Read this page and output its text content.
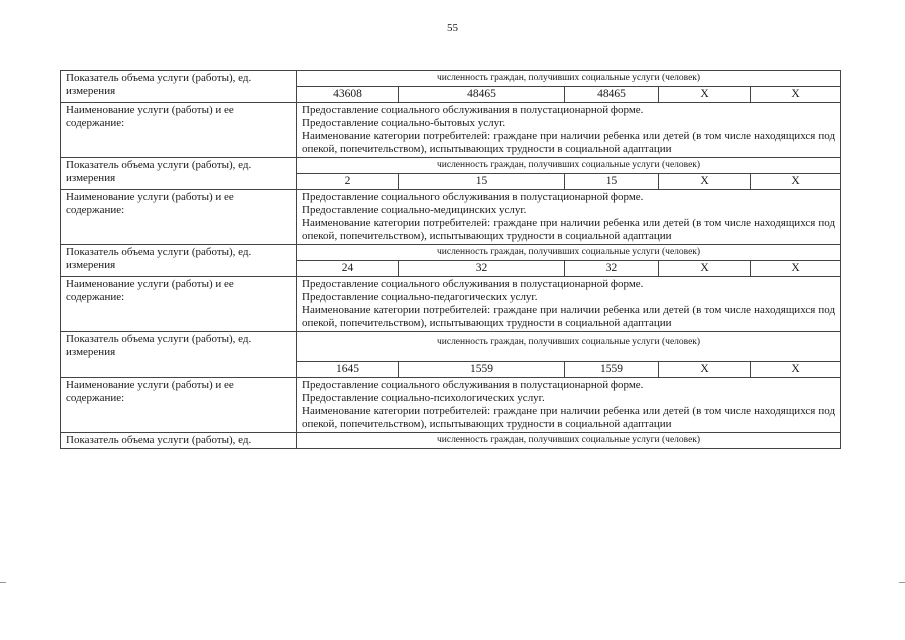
55
Показатель объема услуги (работы), ед. измерения	численность граждан, получивших социальные услуги (человек)					
	43608	48465	48465	Х	Х	
Наименование услуги (работы) и ее содержание:	Предоставление социального обслуживания в полустационарной форме.

Предоставление социально-бытовых услуг.

Наименование категории потребителей: граждане при наличии ребенка или детей (в том числе находящихся под опекой, попечительством), испытывающих трудности в социальной адаптации					

Показатель объема услуги (работы), ед. измерения	численность граждан, получивших социальные услуги (человек)					
	2	15	15	Х	Х	
Наименование услуги (работы) и ее содержание:	Предоставление социального обслуживания в полустационарной форме.

Предоставление социально-медицинских услуг.

Наименование категории потребителей: граждане при наличии ребенка или детей (в том числе находящихся под опекой, попечительством), испытывающих трудности в социальной адаптации					

Показатель объема услуги (работы), ед. измерения	численность граждан, получивших социальные услуги (человек)					
	24	32	32	Х	Х	
Наименование услуги (работы) и ее содержание:	Предоставление социального обслуживания в полустационарной форме.

Предоставление социально-педагогических услуг.

Наименование категории потребителей: граждане при наличии ребенка или детей (в том числе находящихся под опекой, попечительством), испытывающих трудности в социальной адаптации					

Показатель объема услуги (работы), ед. измерения	численность граждан, получивших социальные услуги (человек)					
	1645	1559	1559	Х	Х	
Наименование услуги (работы) и ее содержание:	Предоставление социального обслуживания в полустационарной форме.

Предоставление социально-психологических услуг.

Наименование категории потребителей: граждане при наличии ребенка или детей (в том числе находящихся под опекой, попечительством), испытывающих трудности в социальной адаптации					

Показатель объема услуги (работы), ед.	численность граждан, получивших социальные услуги (человек)					
